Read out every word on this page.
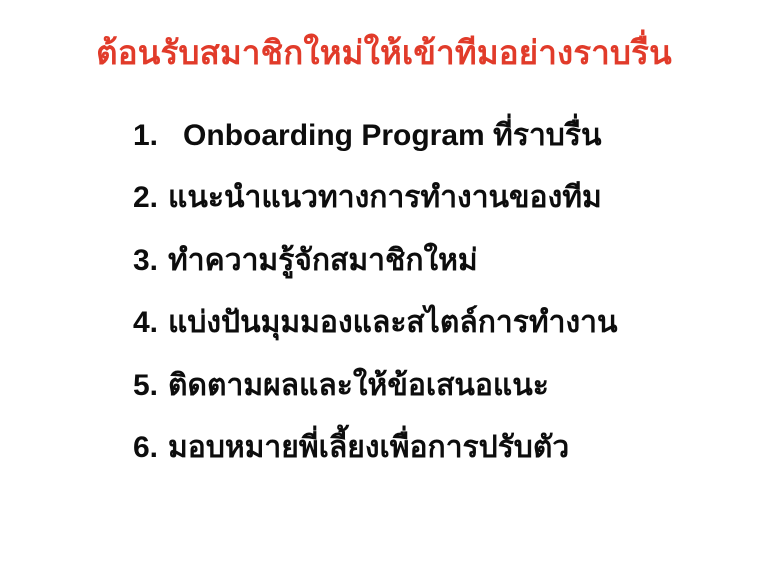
ต้อนรับสมาชิกใหม่ให้เข้าทีมอย่างราบรื่น
1. Onboarding Program ที่ราบรื่น
2. แนะนำแนวทางการทำงานของทีม
3. ทำความรู้จักสมาชิกใหม่
4. แบ่งปันมุมมองและสไตล์การทำงาน
5. ติดตามผลและให้ข้อเสนอแนะ
6. มอบหมายพี่เลี้ยงเพื่อการปรับตัว
